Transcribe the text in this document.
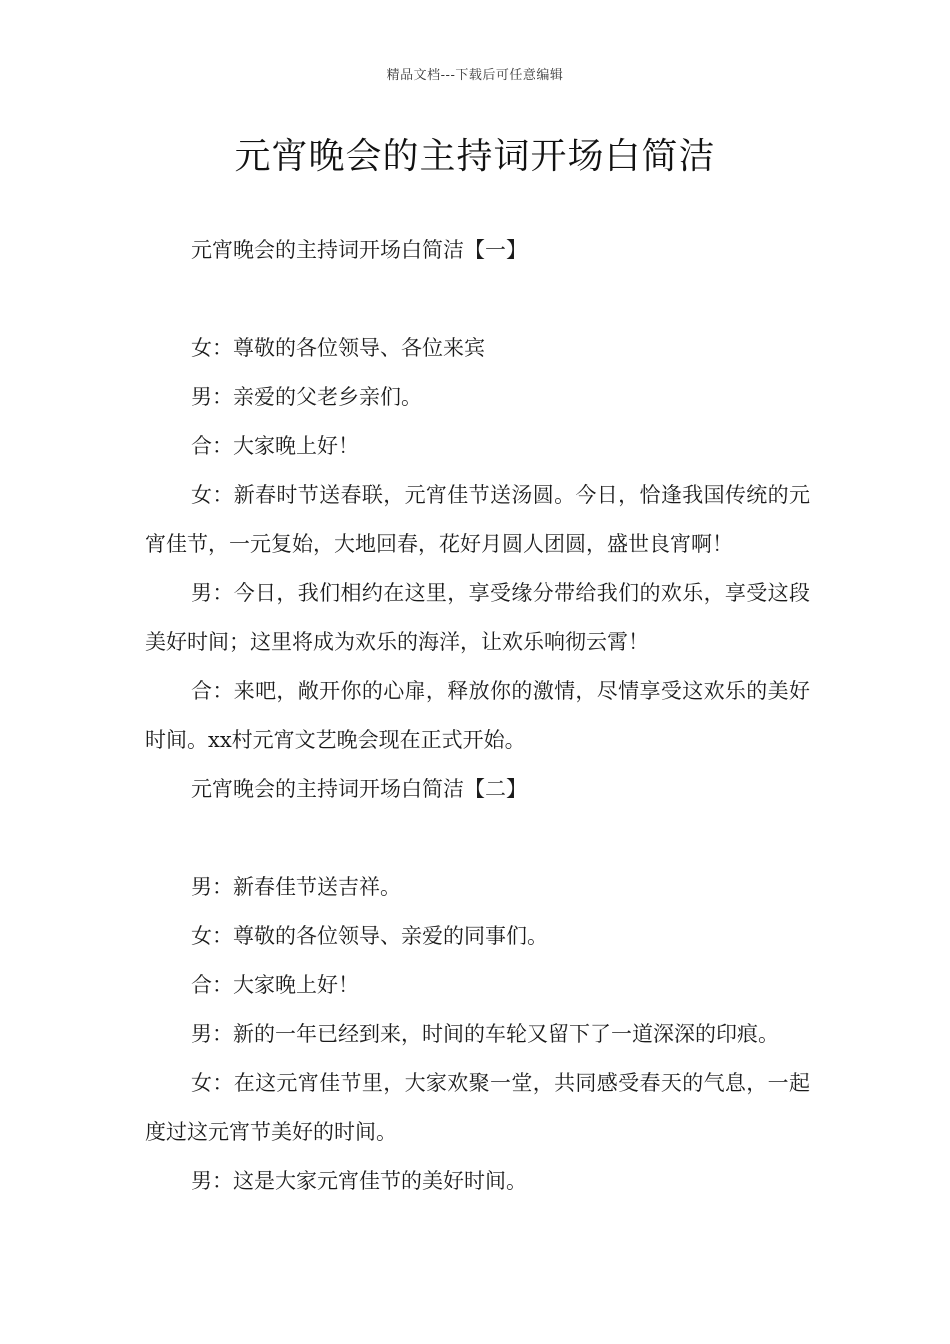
精品文档---下载后可任意编辑
元宵晚会的主持词开场白简洁

元宵晚会的主持词开场白简洁【一】

女：尊敬的各位领导、各位来宾

男：亲爱的父老乡亲们。

合：大家晚上好！

女：新春时节送春联，元宵佳节送汤圆。今日，恰逢我国传统的元宵佳节，一元复始，大地回春，花好月圆人团圆，盛世良宵啊！

男：今日，我们相约在这里，享受缘分带给我们的欢乐，享受这段美好时间；这里将成为欢乐的海洋，让欢乐响彻云霄！

合：来吧，敞开你的心扉，释放你的激情，尽情享受这欢乐的美好时间。xx村元宵文艺晚会现在正式开始。

元宵晚会的主持词开场白简洁【二】

男：新春佳节送吉祥。

女：尊敬的各位领导、亲爱的同事们。

合：大家晚上好！

男：新的一年已经到来，时间的车轮又留下了一道深深的印痕。

女：在这元宵佳节里，大家欢聚一堂，共同感受春天的气息，一起度过这元宵节美好的时间。

男：这是大家元宵佳节的美好时间。
